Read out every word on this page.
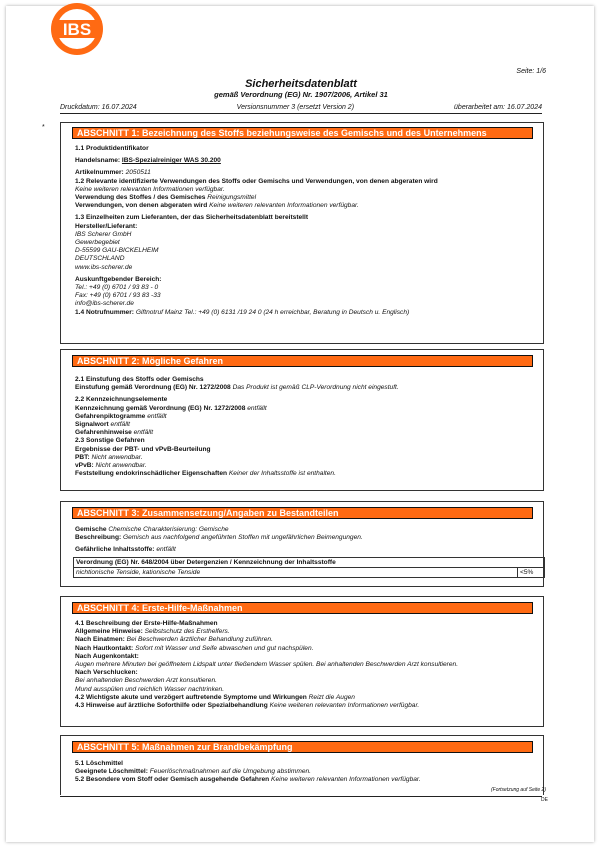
IBS
Seite: 1/6
Sicherheitsdatenblatt
gemäß Verordnung (EG) Nr. 1907/2006, Artikel 31
Druckdatum: 16.07.2024	Versionsnummer 3 (ersetzt Version 2)	überarbeitet am: 16.07.2024
*
ABSCHNITT 1: Bezeichnung des Stoffs beziehungsweise des Gemischs und des Unternehmens
· 1.1 Produktidentifikator
· Handelsname: IBS-Spezialreiniger WAS 30.200
· Artikelnummer: 2050511
· 1.2 Relevante identifizierte Verwendungen des Stoffs oder Gemischs und Verwendungen, von denen abgeraten wird
Keine weiteren relevanten Informationen verfügbar.
· Verwendung des Stoffes / des Gemisches Reinigungsmittel
· Verwendungen, von denen abgeraten wird Keine weiteren relevanten Informationen verfügbar.
· 1.3 Einzelheiten zum Lieferanten, der das Sicherheitsdatenblatt bereitstellt
· Hersteller/Lieferant:
IBS Scherer GmbH
Gewerbegebiet
D-55599 GAU-BICKELHEIM
DEUTSCHLAND
www.ibs-scherer.de
· Auskunftgebender Bereich:
Tel.: +49 (0) 6701 / 93 83 - 0
Fax: +49 (0) 6701 / 93 83 -33
info@ibs-scherer.de
· 1.4 Notrufnummer: Giftnotruf Mainz Tel.: +49 (0) 6131 /19 24 0 (24 h erreichbar, Beratung in Deutsch u. Englisch)
ABSCHNITT 2: Mögliche Gefahren
· 2.1 Einstufung des Stoffs oder Gemischs
· Einstufung gemäß Verordnung (EG) Nr. 1272/2008 Das Produkt ist gemäß CLP-Verordnung nicht eingestuft.
· 2.2 Kennzeichnungselemente
· Kennzeichnung gemäß Verordnung (EG) Nr. 1272/2008 entfällt
· Gefahrenpiktogramme entfällt
· Signalwort entfällt
· Gefahrenhinweise entfällt
· 2.3 Sonstige Gefahren
· Ergebnisse der PBT- und vPvB-Beurteilung
· PBT: Nicht anwendbar.
· vPvB: Nicht anwendbar.
· Feststellung endokrinschädlicher Eigenschaften Keiner der Inhaltsstoffe ist enthalten.
ABSCHNITT 3: Zusammensetzung/Angaben zu Bestandteilen
· Gemische Chemische Charakterisierung: Gemische
· Beschreibung: Gemisch aus nachfolgend angeführten Stoffen mit ungefährlichen Beimengungen.
· Gefährliche Inhaltsstoffe: entfällt
Verordnung (EG) Nr. 648/2004 über Detergenzien / Kennzeichnung der Inhaltsstoffe
nichtionische Tenside, kationische Tenside	<5%
ABSCHNITT 4: Erste-Hilfe-Maßnahmen
· 4.1 Beschreibung der Erste-Hilfe-Maßnahmen
· Allgemeine Hinweise: Selbstschutz des Ersthelfers.
· Nach Einatmen: Bei Beschwerden ärztlicher Behandlung zuführen.
· Nach Hautkontakt: Sofort mit Wasser und Seife abwaschen und gut nachspülen.
· Nach Augenkontakt:
Augen mehrere Minuten bei geöffnetem Lidspalt unter fließendem Wasser spülen. Bei anhaltenden Beschwerden Arzt konsultieren.
· Nach Verschlucken:
Bei anhaltenden Beschwerden Arzt konsultieren.
Mund ausspülen und reichlich Wasser nachtrinken.
· 4.2 Wichtigste akute und verzögert auftretende Symptome und Wirkungen Reizt die Augen
· 4.3 Hinweise auf ärztliche Soforthilfe oder Spezialbehandlung Keine weiteren relevanten Informationen verfügbar.
ABSCHNITT 5: Maßnahmen zur Brandbekämpfung
· 5.1 Löschmittel
· Geeignete Löschmittel: Feuerlöschmaßnahmen auf die Umgebung abstimmen.
· 5.2 Besondere vom Stoff oder Gemisch ausgehende Gefahren Keine weiteren relevanten Informationen verfügbar.
(Fortsetzung auf Seite 2)
DE
